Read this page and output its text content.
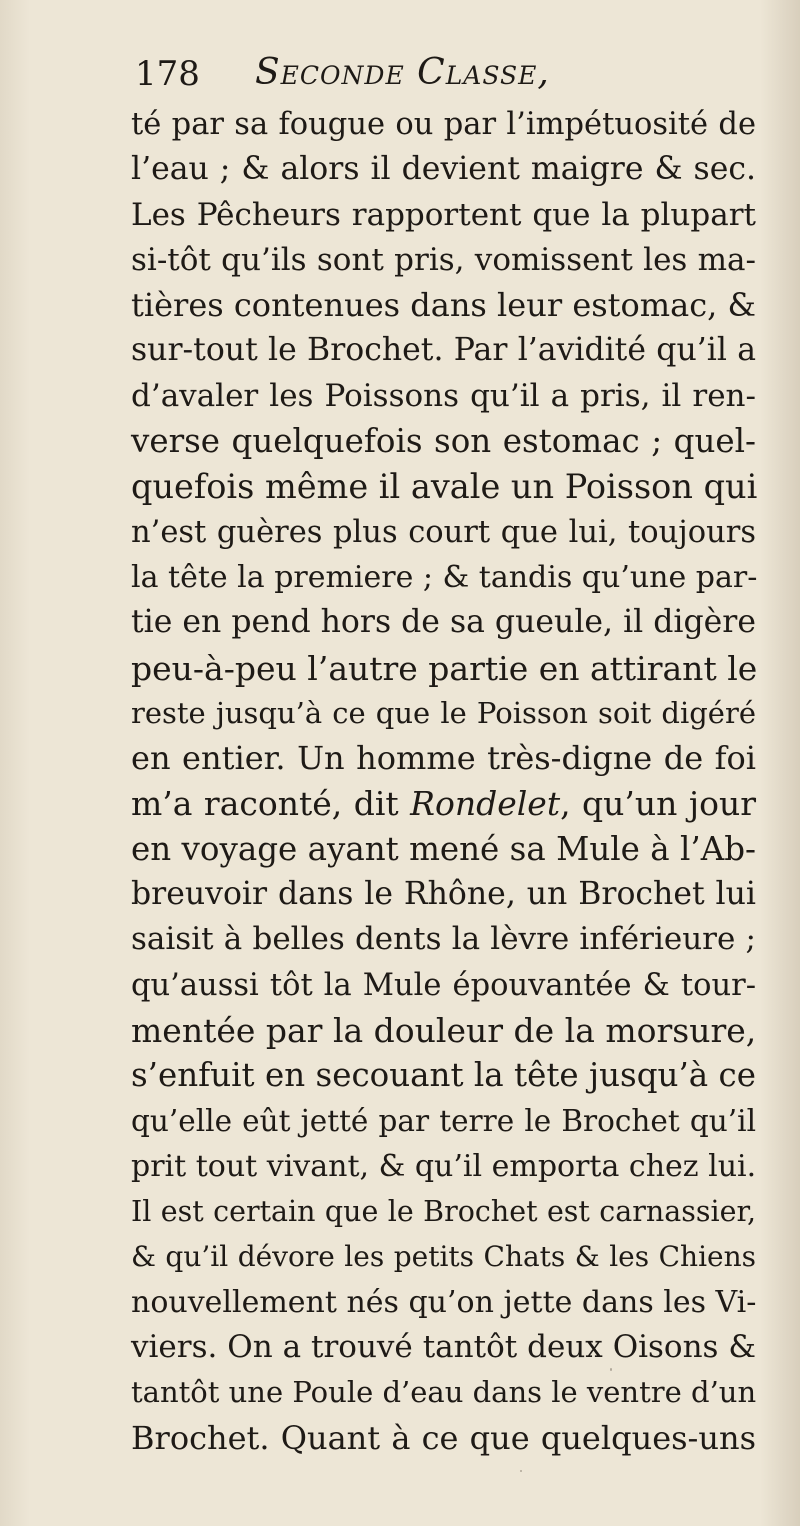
178 Seconde Classe,
té par sa fougue ou par l’impétuosité de
l’eau ; & alors il devient maigre & sec.
Les Pêcheurs rapportent que la plupart
si-tôt qu’ils sont pris, vomissent les ma-
tières contenues dans leur estomac, &
sur-tout le Brochet. Par l’avidité qu’il a
d’avaler les Poissons qu’il a pris, il ren-
verse quelquefois son estomac ; quel-
quefois même il avale un Poisson qui
n’est guères plus court que lui, toujours
la tête la premiere ; & tandis qu’une par-
tie en pend hors de sa gueule, il digère
peu-à-peu l’autre partie en attirant le
reste jusqu’à ce que le Poisson soit digéré
en entier. Un homme très-digne de foi
m’a raconté, dit Rondelet, qu’un jour
en voyage ayant mené sa Mule à l’Ab-
breuvoir dans le Rhône, un Brochet lui
saisit à belles dents la lèvre inférieure ;
qu’aussi tôt la Mule épouvantée & tour-
mentée par la douleur de la morsure,
s’enfuit en secouant la tête jusqu’à ce
qu’elle eût jetté par terre le Brochet qu’il
prit tout vivant, & qu’il emporta chez lui.
Il est certain que le Brochet est carnassier,
& qu’il dévore les petits Chats & les Chiens
nouvellement nés qu’on jette dans les Vi-
viers. On a trouvé tantôt deux Oisons &
tantôt une Poule d’eau dans le ventre d’un
Brochet. Quant à ce que quelques-uns
